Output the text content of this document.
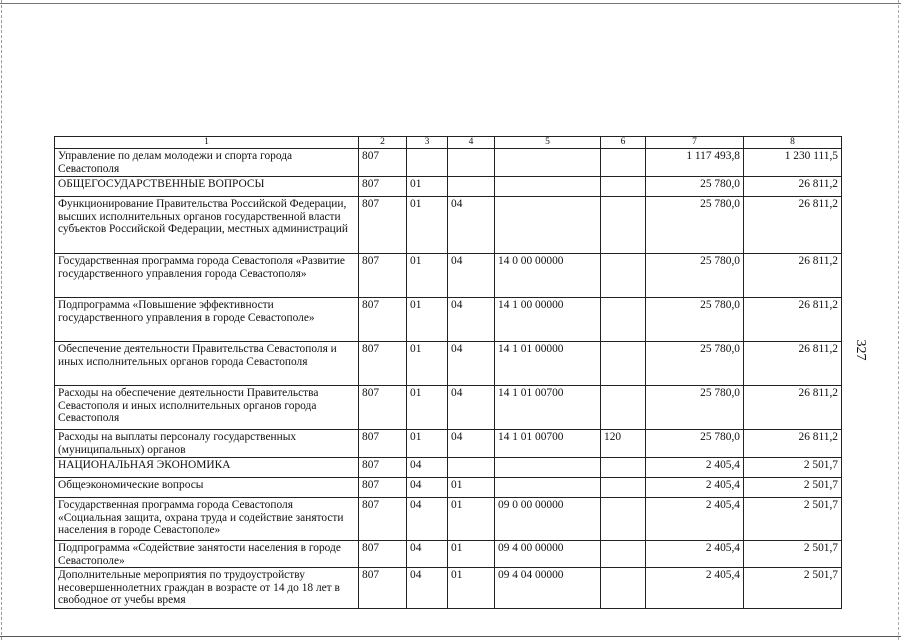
327
1	2	3	4	5	6	7	8
Управление по делам молодежи и спорта города Севастополя	807					1 117 493,8	1 230 111,5
ОБЩЕГОСУДАРСТВЕННЫЕ ВОПРОСЫ	807	01				25 780,0	26 811,2
Функционирование Правительства Российской Федерации, высших исполнительных органов государственной власти субъектов Российской Федерации, местных администраций	807	01	04			25 780,0	26 811,2
Государственная программа города Севастополя «Развитие государственного управления города Севастополя»	807	01	04	14 0 00 00000		25 780,0	26 811,2
Подпрограмма «Повышение эффективности государственного управления в городе Севастополе»	807	01	04	14 1 00 00000		25 780,0	26 811,2
Обеспечение деятельности Правительства Севастополя и иных исполнительных органов города Севастополя	807	01	04	14 1 01 00000		25 780,0	26 811,2
Расходы на обеспечение деятельности Правительства Севастополя и иных исполнительных органов города Севастополя	807	01	04	14 1 01 00700		25 780,0	26 811,2
Расходы на выплаты персоналу государственных (муниципальных) органов	807	01	04	14 1 01 00700	120	25 780,0	26 811,2
НАЦИОНАЛЬНАЯ ЭКОНОМИКА	807	04				2 405,4	2 501,7
Общеэкономические вопросы	807	04	01			2 405,4	2 501,7
Государственная программа города Севастополя «Социальная защита, охрана труда и содействие занятости населения в городе Севастополе»	807	04	01	09 0 00 00000		2 405,4	2 501,7
Подпрограмма «Содействие занятости населения в городе Севастополе»	807	04	01	09 4 00 00000		2 405,4	2 501,7
Дополнительные мероприятия по трудоустройству несовершеннолетних граждан в возрасте от 14 до 18 лет в свободное от учебы время	807	04	01	09 4 04 00000		2 405,4	2 501,7
